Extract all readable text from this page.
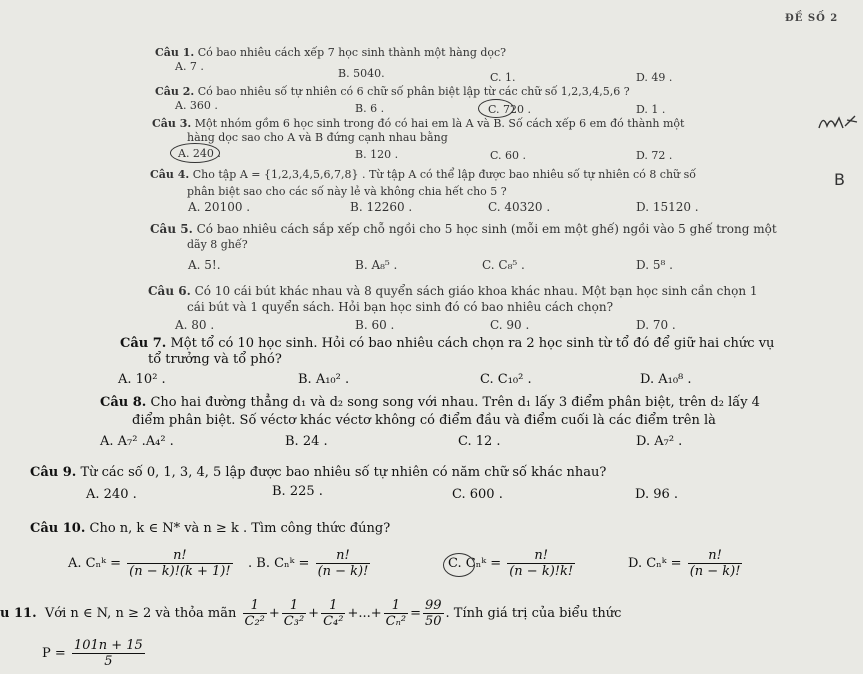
ĐỀ SỐ 2
Câu 1. Có bao nhiêu cách xếp 7 học sinh thành một hàng dọc?
A. 7 .
B. 5040.	C. 1.	D. 49 .
Câu 2. Có bao nhiêu số tự nhiên có 6 chữ số phân biệt lập từ các chữ số 1,2,3,4,5,6 ?
A. 360 .	B. 6 .	C. 720 .	D. 1 .
Câu 3. Một nhóm gồm 6 học sinh trong đó có hai em là A và B. Số cách xếp 6 em đó thành một
hàng dọc sao cho A và B đứng cạnh nhau bằng
A. 240 .	B. 120 .	C. 60 .	D. 72 .
Câu 4. Cho tập A = {1,2,3,4,5,6,7,8} . Từ tập A có thể lập được bao nhiêu số tự nhiên có 8 chữ số
phân biệt sao cho các số này lẻ và không chia hết cho 5 ?
A. 20100 .	B. 12260 .	C. 40320 .	D. 15120 .
B
Câu 5. Có bao nhiêu cách sắp xếp chỗ ngồi cho 5 học sinh (mỗi em một ghế) ngồi vào 5 ghế trong một
dãy 8 ghế?
A. 5!.	B. A₈⁵ .	C. C₈⁵ .	D. 5⁸ .
Câu 6. Có 10 cái bút khác nhau và 8 quyển sách giáo khoa khác nhau. Một bạn học sinh cần chọn 1
cái bút và 1 quyển sách. Hỏi bạn học sinh đó có bao nhiêu cách chọn?
A. 80 .	B. 60 .	C. 90 .	D. 70 .
Câu 7. Một tổ có 10 học sinh. Hỏi có bao nhiêu cách chọn ra 2 học sinh từ tổ đó để giữ hai chức vụ
tổ trưởng và tổ phó?
A. 10² .	B. A₁₀² .	C. C₁₀² .	D. A₁₀⁸ .
Câu 8. Cho hai đường thẳng d₁ và d₂ song song với nhau. Trên d₁ lấy 3 điểm phân biệt, trên d₂ lấy 4
điểm phân biệt. Số véctơ khác véctơ không có điểm đầu và điểm cuối là các điểm trên là
A. A₇² .A₄² .	B. 24 .	C. 12 .	D. A₇² .
Câu 9. Từ các số 0, 1, 3, 4, 5 lập được bao nhiêu số tự nhiên có năm chữ số khác nhau?
A. 240 .	B. 225 .	C. 600 .	D. 96 .
Câu 10. Cho n, k ∈ N* và n ≥ k . Tìm công thức đúng?
A. Cₙᵏ = $\frac{n!}{(n - k)!(k + 1)!}$ . B. Cₙᵏ = $\frac{n!}{(n - k)!}$	C. Cₙᵏ = $\frac{n!}{(n - k)!k!}$	D. Cₙᵏ = $\frac{n!}{(n - k)!}$
u 11. Với n ∈ N, n ≥ 2 và thỏa mãn $\frac{1}{\text{C₂²}} + \frac{1}{\text{C₃²}} + \frac{1}{\text{C₄²}}$ +...+ $\frac{1}{\text{Cₙ²}} = \frac{99}{50}$ . Tính giá trị của biểu thức
$P = \frac{101n + 15}{5}$
